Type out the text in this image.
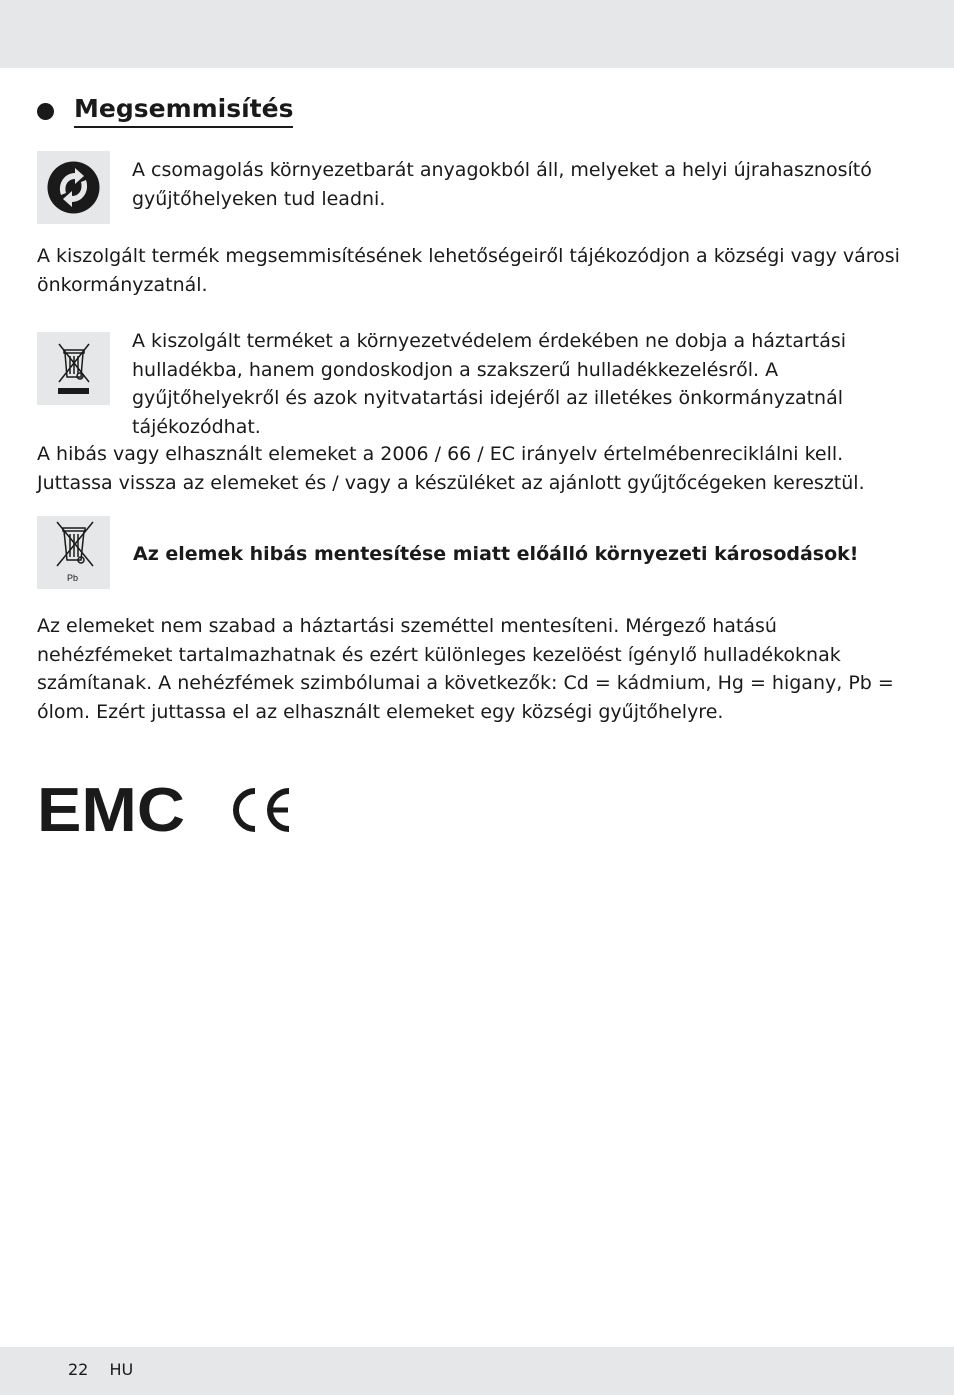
Megsemmisítés

A csomagolás környezetbarát anyagokból áll, melyeket a helyi újrahasznosító gyűjtőhelyeken tud leadni.

A kiszolgált termék megsemmisítésének lehetőségeiről tájékozódjon a községi vagy városi önkormányzatnál.

A kiszolgált terméket a környezetvédelem érdekében ne dobja a háztartási hulladékba, hanem gondoskodjon a szakszerű hulladékkezelésről. A gyűjtőhelyekről és azok nyitvatartási idejéről az illetékes önkormányzatnál tájékozódhat.

A hibás vagy elhasznált elemeket a 2006 / 66 / EC irányelv értelmébenreciklálni kell. Juttassa vissza az elemeket és / vagy a készüléket az ajánlott gyűjtőcégeken keresztül.

Pb
Az elemek hibás mentesítése miatt előálló környezeti károsodások!

Az elemeket nem szabad a háztartási szeméttel mentesíteni. Mérgező hatású nehézfémeket tartalmazhatnak és ezért különleges kezelöést ígénylő hulladékoknak számítanak. A nehézfémek szimbólumai a következők: Cd = kádmium, Hg = higany, Pb = ólom. Ezért juttassa el az elhasznált elemeket egy községi gyűjtőhelyre.

EMC
22 HU
